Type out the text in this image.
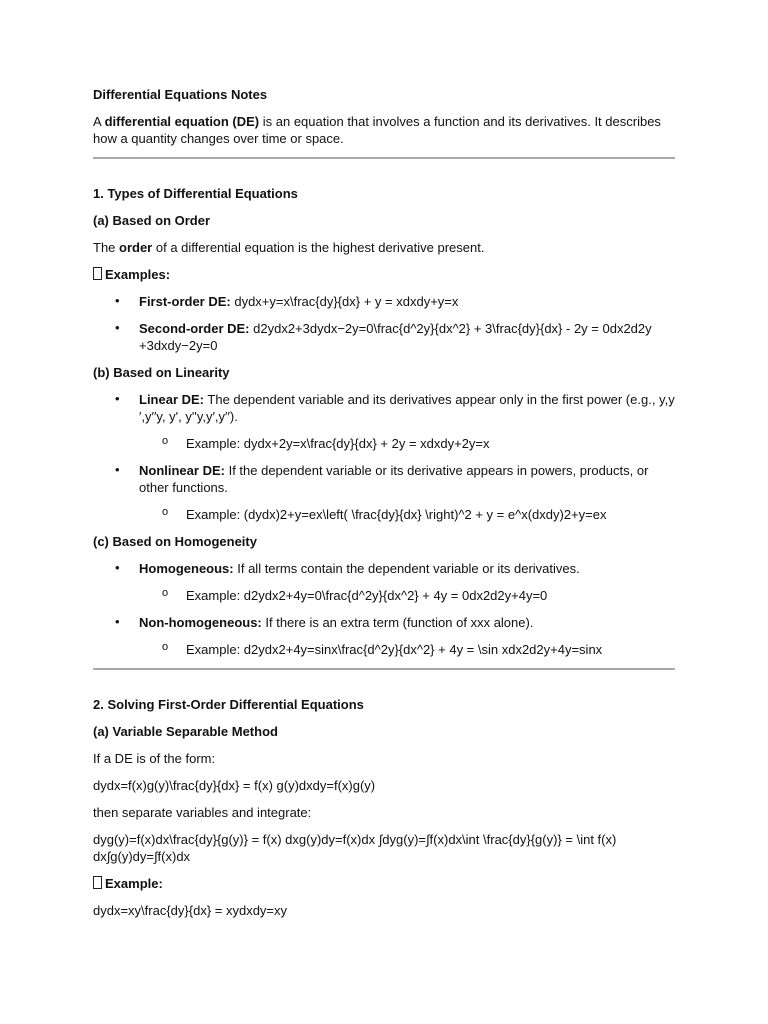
Differential Equations Notes

A differential equation (DE) is an equation that involves a function and its derivatives. It describes how a quantity changes over time or space.

1. Types of Differential Equations

(a) Based on Order

The order of a differential equation is the highest derivative present.

Examples:

• First-order DE: dydx+y=x\frac{dy}{dx} + y = xdxdy+y=x

• Second-order DE: d2ydx2+3dydx−2y=0\frac{d^2y}{dx^2} + 3\frac{dy}{dx} - 2y = 0dx2d2y +3dxdy−2y=0

(b) Based on Linearity

• Linear DE: The dependent variable and its derivatives appear only in the first power (e.g., y,y ′,y′′y, y', y''y,y′,y′′).

o Example: dydx+2y=x\frac{dy}{dx} + 2y = xdxdy+2y=x

• Nonlinear DE: If the dependent variable or its derivative appears in powers, products, or other functions.

o Example: (dydx)2+y=ex\left( \frac{dy}{dx} \right)^2 + y = e^x(dxdy)2+y=ex

(c) Based on Homogeneity

• Homogeneous: If all terms contain the dependent variable or its derivatives.

o Example: d2ydx2+4y=0\frac{d^2y}{dx^2} + 4y = 0dx2d2y+4y=0

• Non-homogeneous: If there is an extra term (function of xxx alone).

o Example: d2ydx2+4y=sinx\frac{d^2y}{dx^2} + 4y = \sin xdx2d2y+4y=sinx

2. Solving First-Order Differential Equations

(a) Variable Separable Method

If a DE is of the form:

dydx=f(x)g(y)\frac{dy}{dx} = f(x) g(y)dxdy=f(x)g(y)

then separate variables and integrate:

dyg(y)=f(x)dx\frac{dy}{g(y)} = f(x) dxg(y)dy=f(x)dx ∫dyg(y)=∫f(x)dx\int \frac{dy}{g(y)} = \int f(x) dx∫g(y)dy=∫f(x)dx

Example:

dydx=xy\frac{dy}{dx} = xydxdy=xy
